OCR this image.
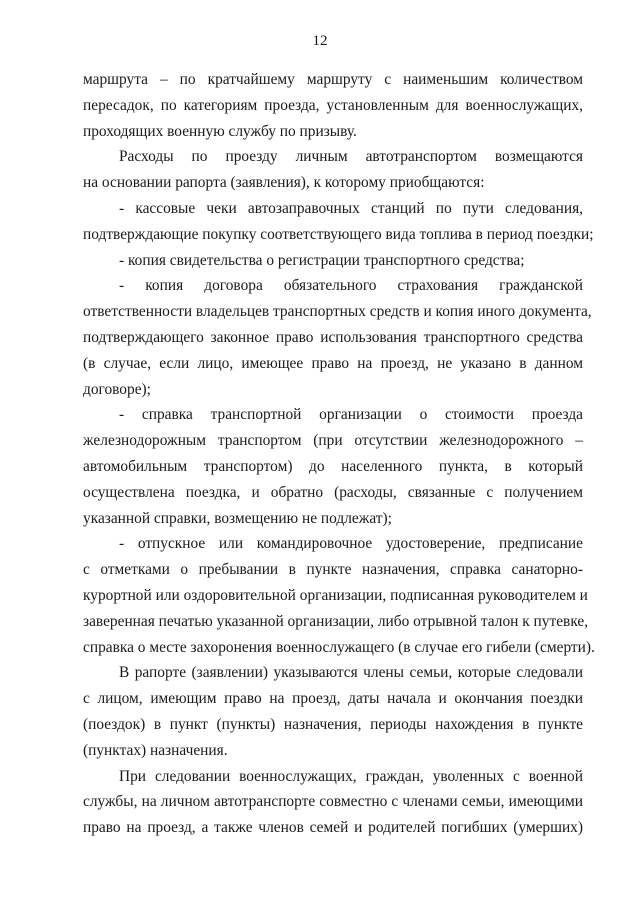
12
маршрута – по кратчайшему маршруту с наименьшим количеством
пересадок, по категориям проезда, установленным для военнослужащих,
проходящих военную службу по призыву.
Расходы по проезду личным автотранспортом возмещаются
на основании рапорта (заявления), к которому приобщаются:
- кассовые чеки автозаправочных станций по пути следования,
подтверждающие покупку соответствующего вида топлива в период поездки;
- копия свидетельства о регистрации транспортного средства;
- копия договора обязательного страхования гражданской
ответственности владельцев транспортных средств и копия иного документа,
подтверждающего законное право использования транспортного средства
(в случае, если лицо, имеющее право на проезд, не указано в данном
договоре);
- справка транспортной организации о стоимости проезда
железнодорожным транспортом (при отсутствии железнодорожного –
автомобильным транспортом) до населенного пункта, в который
осуществлена поездка, и обратно (расходы, связанные с получением
указанной справки, возмещению не подлежат);
- отпускное или командировочное удостоверение, предписание
с отметками о пребывании в пункте назначения, справка санаторно-
курортной или оздоровительной организации, подписанная руководителем и
заверенная печатью указанной организации, либо отрывной талон к путевке,
справка о месте захоронения военнослужащего (в случае его гибели (смерти).
В рапорте (заявлении) указываются члены семьи, которые следовали
с лицом, имеющим право на проезд, даты начала и окончания поездки
(поездок) в пункт (пункты) назначения, периоды нахождения в пункте
(пунктах) назначения.
При следовании военнослужащих, граждан, уволенных с военной
службы, на личном автотранспорте совместно с членами семьи, имеющими
право на проезд, а также членов семей и родителей погибших (умерших)
